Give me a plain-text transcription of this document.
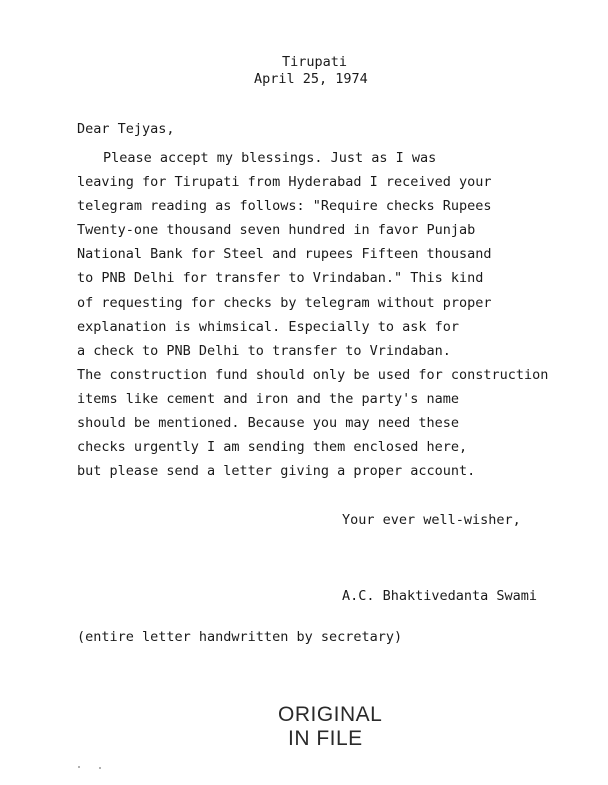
Tirupati
April 25, 1974
Dear Tejyas,
Please accept my blessings. Just as I was
leaving for Tirupati from Hyderabad I received your
telegram reading as follows: "Require checks Rupees
Twenty-one thousand seven hundred in favor Punjab
National Bank for Steel and rupees Fifteen thousand
to PNB Delhi for transfer to Vrindaban." This kind
of requesting for checks by telegram without proper
explanation is whimsical. Especially to ask for
a check to PNB Delhi to transfer to Vrindaban.
The construction fund should only be used for construction
items like cement and iron and the party's name
should be mentioned. Because you may need these
checks urgently I am sending them enclosed here,
but please send a letter giving a proper account.
Your ever well-wisher,
A.C. Bhaktivedanta Swami
(entire letter handwritten by secretary)
ORIGINAL
IN FILE
